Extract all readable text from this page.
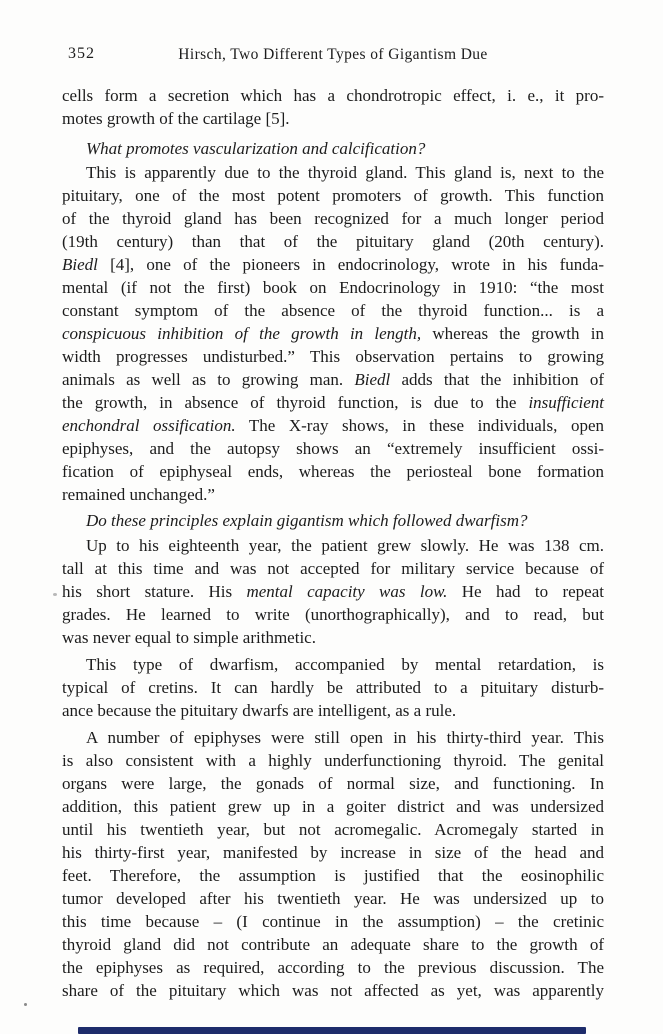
352	Hirsch, Two Different Types of Gigantism Due
cells form a secretion which has a chondrotropic effect, i. e., it pro-
motes growth of the cartilage [5].
What promotes vascularization and calcification?
This is apparently due to the thyroid gland. This gland is, next to the
pituitary, one of the most potent promoters of growth. This function
of the thyroid gland has been recognized for a much longer period
(19th century) than that of the pituitary gland (20th century).
Biedl [4], one of the pioneers in endocrinology, wrote in his funda-
mental (if not the first) book on Endocrinology in 1910: “the most
constant symptom of the absence of the thyroid function... is a
conspicuous inhibition of the growth in length, whereas the growth in
width progresses undisturbed.” This observation pertains to growing
animals as well as to growing man. Biedl adds that the inhibition of
the growth, in absence of thyroid function, is due to the insufficient
enchondral ossification. The X-ray shows, in these individuals, open
epiphyses, and the autopsy shows an “extremely insufficient ossi-
fication of epiphyseal ends, whereas the periosteal bone formation
remained unchanged.”
Do these principles explain gigantism which followed dwarfism?
Up to his eighteenth year, the patient grew slowly. He was 138 cm.
tall at this time and was not accepted for military service because of
his short stature. His mental capacity was low. He had to repeat
grades. He learned to write (unorthographically), and to read, but
was never equal to simple arithmetic.
This type of dwarfism, accompanied by mental retardation, is
typical of cretins. It can hardly be attributed to a pituitary disturb-
ance because the pituitary dwarfs are intelligent, as a rule.
A number of epiphyses were still open in his thirty-third year. This
is also consistent with a highly underfunctioning thyroid. The genital
organs were large, the gonads of normal size, and functioning. In
addition, this patient grew up in a goiter district and was undersized
until his twentieth year, but not acromegalic. Acromegaly started in
his thirty-first year, manifested by increase in size of the head and
feet. Therefore, the assumption is justified that the eosinophilic
tumor developed after his twentieth year. He was undersized up to
this time because – (I continue in the assumption) – the cretinic
thyroid gland did not contribute an adequate share to the growth of
the epiphyses as required, according to the previous discussion. The
share of the pituitary which was not affected as yet, was apparently
